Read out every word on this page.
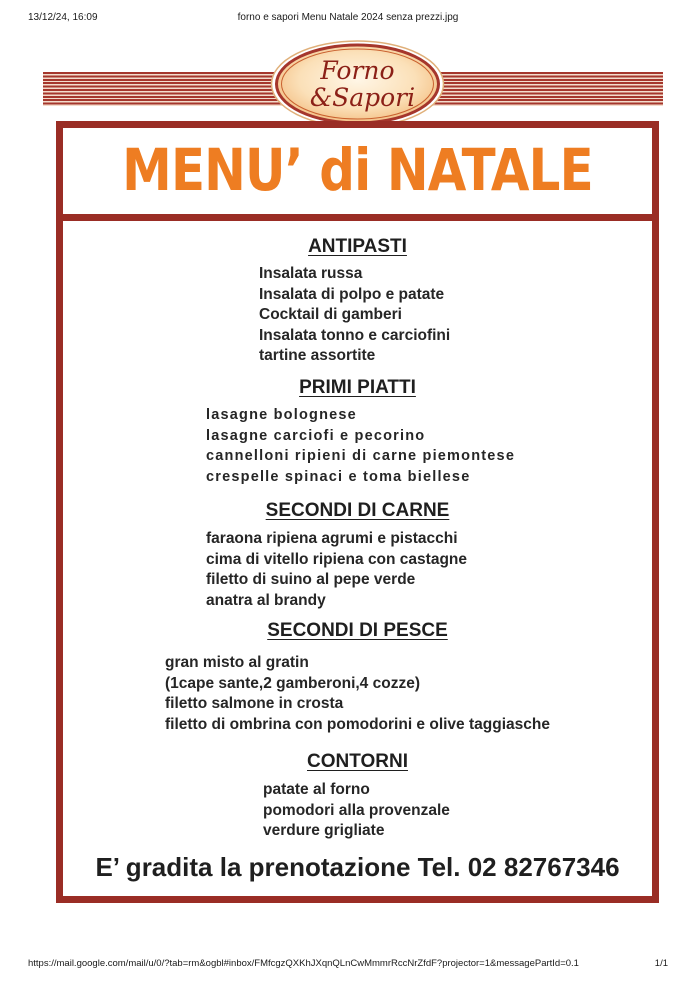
13/12/24, 16:09	forno e sapori Menu Natale 2024 senza prezzi.jpg
Forno
&Sapori
MENU’ di NATALE
ANTIPASTI
Insalata russa
Insalata di polpo e patate
Cocktail di gamberi
Insalata tonno e carciofini
tartine assortite
PRIMI PIATTI
lasagne bolognese
lasagne carciofi e pecorino
cannelloni ripieni di carne piemontese
crespelle spinaci e toma biellese
SECONDI DI CARNE
faraona ripiena agrumi e pistacchi
cima di vitello ripiena con castagne
filetto di suino al pepe verde
anatra al brandy
SECONDI DI PESCE
gran misto al gratin
(1cape sante,2 gamberoni,4 cozze)
filetto salmone in crosta
filetto di ombrina con pomodorini e olive taggiasche
CONTORNI
patate al forno
pomodori alla provenzale
verdure grigliate
E’ gradita la prenotazione Tel. 02 82767346
https://mail.google.com/mail/u/0/?tab=rm&ogbl#inbox/FMfcgzQXKhJXqnQLnCwMmmrRccNrZfdF?projector=1&messagePartId=0.1	1/1
